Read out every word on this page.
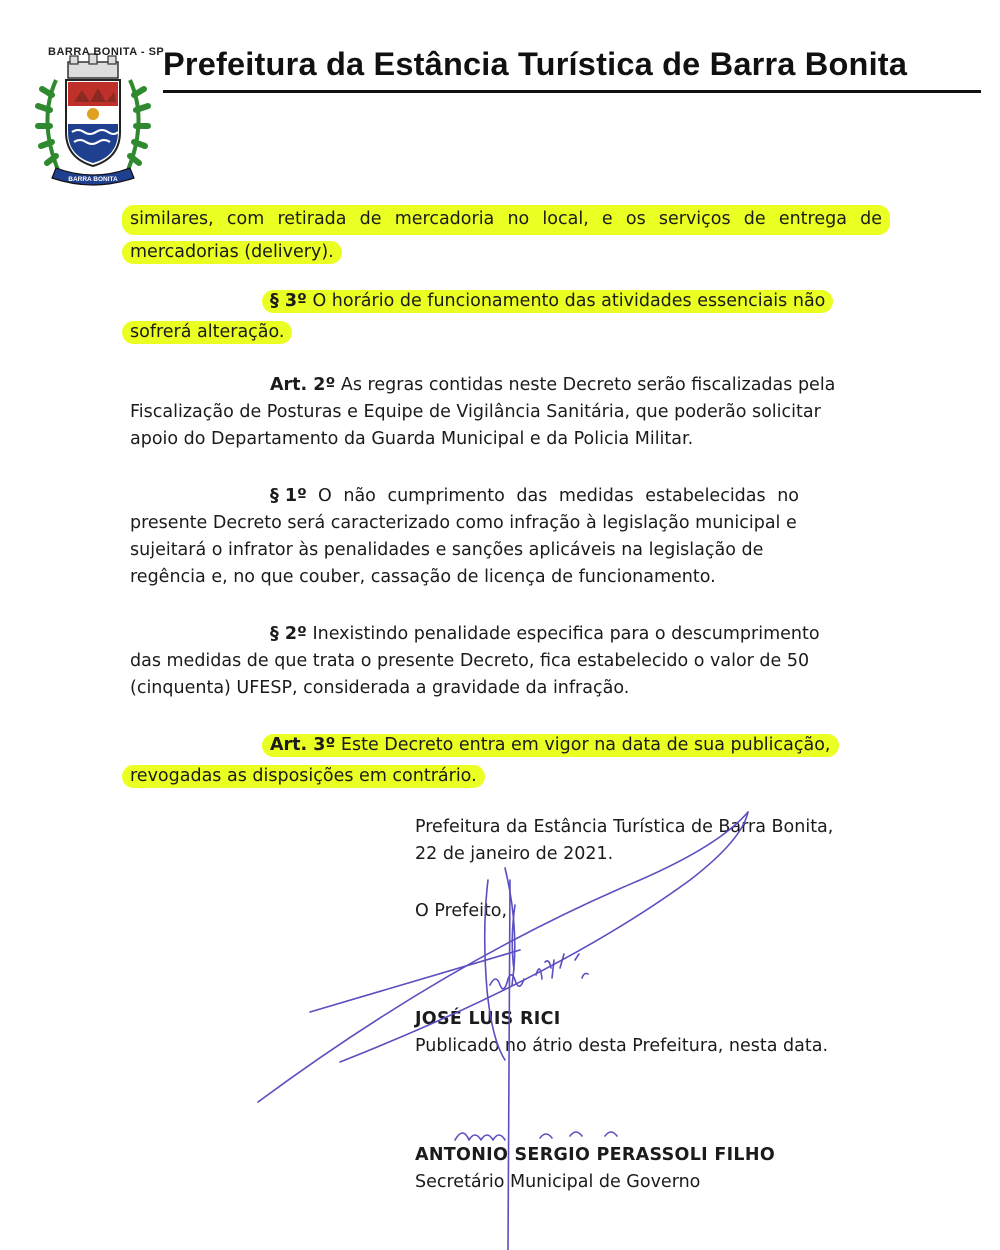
BARRA BONITA
BARRA BONITA - SP
Prefeitura da Estância Turística de Barra Bonita
similares, com retirada de mercadoria no local, e os serviços de entrega de
mercadorias (delivery).
§ 3º O horário de funcionamento das atividades essenciais não
sofrerá alteração.
Art. 2º As regras contidas neste Decreto serão fiscalizadas pela
Fiscalização de Posturas e Equipe de Vigilância Sanitária, que poderão solicitar
apoio do Departamento da Guarda Municipal e da Policia Militar.
§ 1º O não cumprimento das medidas estabelecidas no
presente Decreto será caracterizado como infração à legislação municipal e
sujeitará o infrator às penalidades e sanções aplicáveis na legislação de
regência e, no que couber, cassação de licença de funcionamento.
§ 2º Inexistindo penalidade especifica para o descumprimento
das medidas de que trata o presente Decreto, fica estabelecido o valor de 50
(cinquenta) UFESP, considerada a gravidade da infração.
Art. 3º Este Decreto entra em vigor na data de sua publicação,
revogadas as disposições em contrário.
Prefeitura da Estância Turística de Barra Bonita,
22 de janeiro de 2021.
O Prefeito,
JOSÉ LUIS RICI
Publicado no átrio desta Prefeitura, nesta data.
ANTONIO SERGIO PERASSOLI FILHO
Secretário Municipal de Governo
